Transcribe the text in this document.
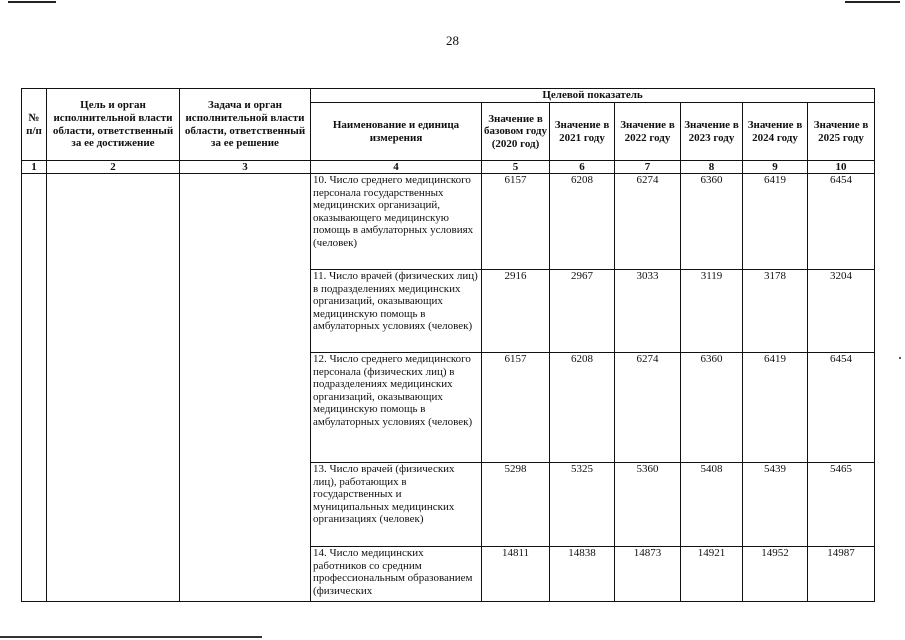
28
№ п/п	Цель и орган исполнительной власти области, ответственный за ее достижение	Задача и орган исполнительной власти области, ответственный за ее решение	Целевой показатель						
			Наименование и единица измерения	Значение в базовом году (2020 год)	Значение в 2021 году	Значение в 2022 году	Значение в 2023 году	Значение в 2024 году	Значение в 2025 году
1	2	3	4	5	6	7	8	9	10
			10. Число среднего медицинского персонала государственных медицинских организаций, оказывающего медицинскую помощь в амбулаторных условиях (человек)	6157	6208	6274	6360	6419	6454
			11. Число врачей (физических лиц) в подразделениях медицинских организаций, оказывающих медицинскую помощь в амбулаторных условиях (человек)	2916	2967	3033	3119	3178	3204
			12. Число среднего медицинского персонала (физических лиц) в подразделениях медицинских организаций, оказывающих медицинскую помощь в амбулаторных условиях (человек)	6157	6208	6274	6360	6419	6454
			13. Число врачей (физических лиц), работающих в государственных и муниципальных медицинских организациях (человек)	5298	5325	5360	5408	5439	5465
			14. Число медицинских работников со средним профессиональным образованием (физических	14811	14838	14873	14921	14952	14987
